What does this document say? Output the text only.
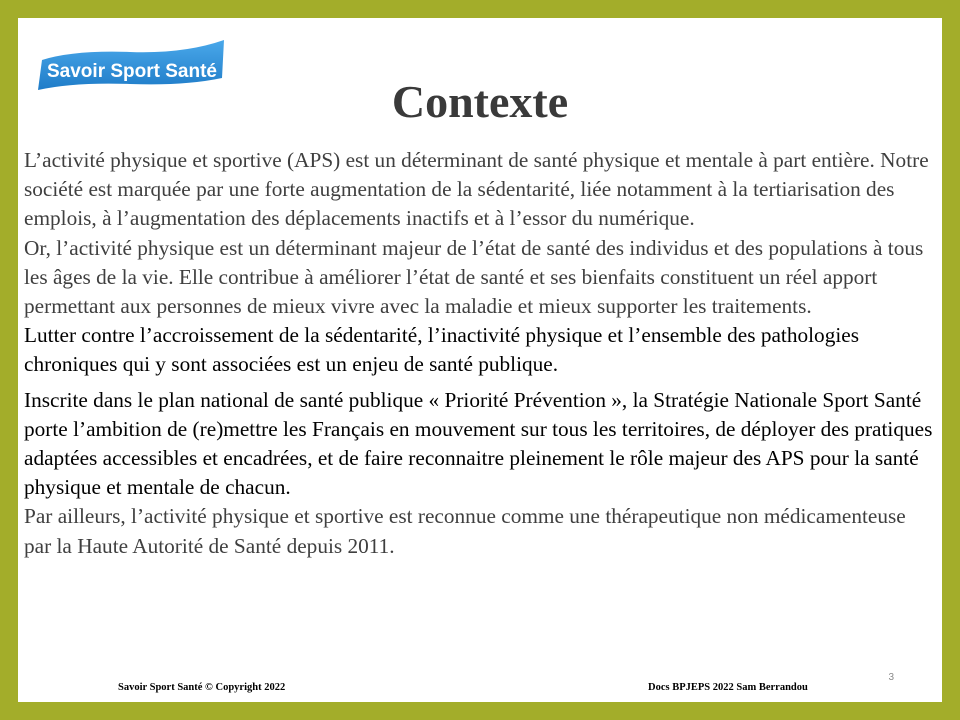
Savoir Sport Santé
Contexte

L’activité physique et sportive (APS) est un déterminant de santé physique et mentale à part entière. Notre société est marquée par une forte augmentation de la sédentarité, liée notamment à la tertiarisation des emplois, à l’augmentation des déplacements inactifs et à l’essor du numérique.

Or, l’activité physique est un déterminant majeur de l’état de santé des individus et des populations à tous les âges de la vie. Elle contribue à améliorer l’état de santé et ses bienfaits constituent un réel apport permettant aux personnes de mieux vivre avec la maladie et mieux supporter les traitements.

Lutter contre l’accroissement de la sédentarité, l’inactivité physique et l’ensemble des pathologies chroniques qui y sont associées est un enjeu de santé publique.

Inscrite dans le plan national de santé publique « Priorité Prévention », la Stratégie Nationale Sport Santé porte l’ambition de (re)mettre les Français en mouvement sur tous les territoires, de déployer des pratiques adaptées accessibles et encadrées, et de faire reconnaitre pleinement le rôle majeur des APS pour la santé physique et mentale de chacun.

Par ailleurs, l’activité physique et sportive est reconnue comme une thérapeutique non médicamenteuse par la Haute Autorité de Santé depuis 2011.

3
Savoir Sport Santé © Copyright 2022	Docs BPJEPS 2022 Sam Berrandou
